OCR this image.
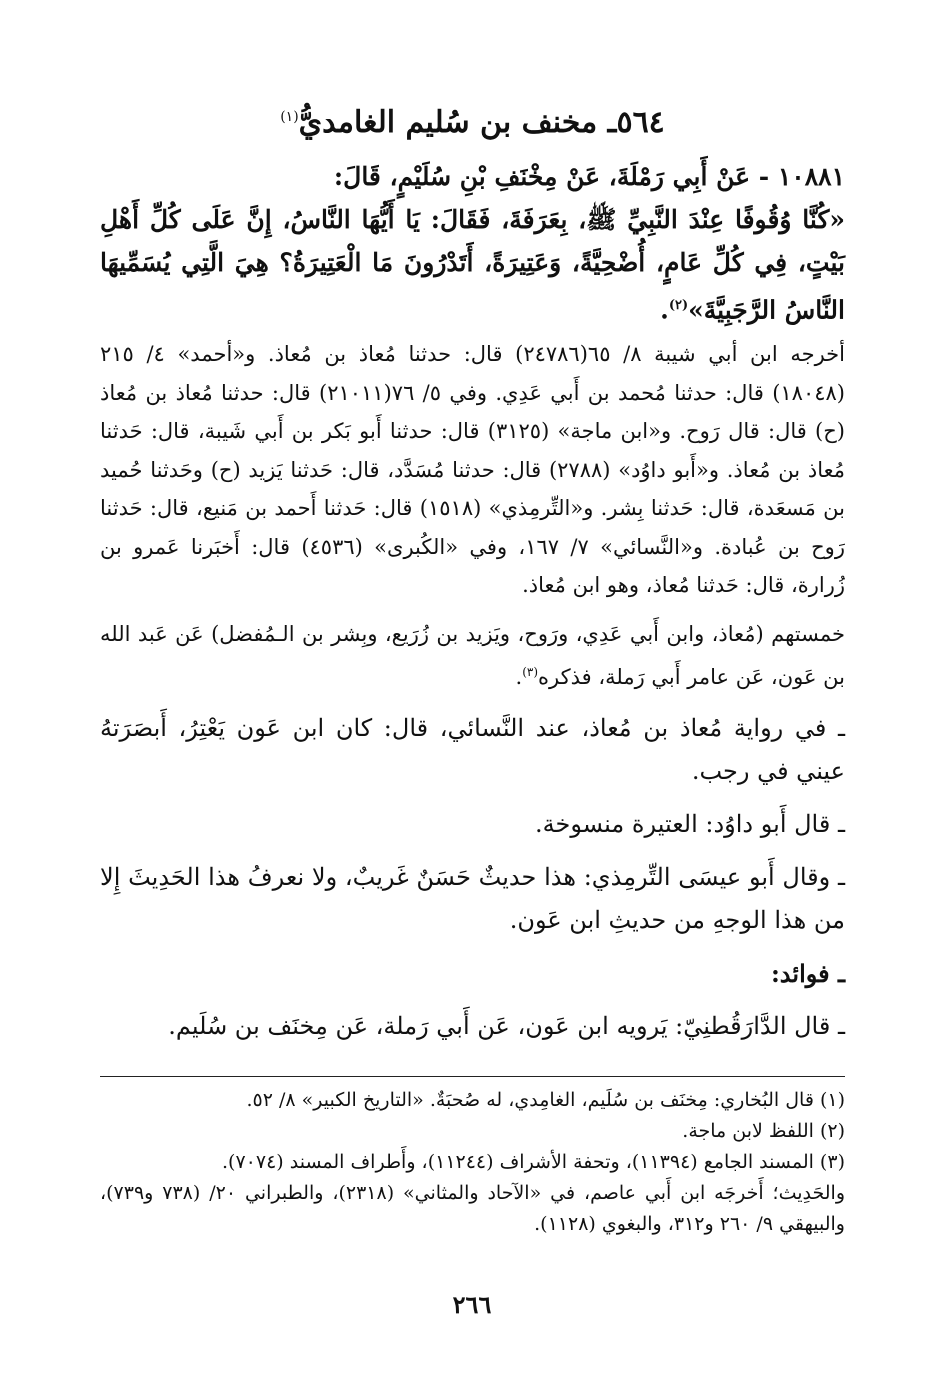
٥٦٤ـ مخنف بن سُليم الغامديُّ$^{(١)}$

١٠٨٨١ - عَنْ أَبِي رَمْلَةَ، عَنْ مِخْنَفِ بْنِ سُلَيْمٍ، قَالَ:

«كُنَّا وُقُوفًا عِنْدَ النَّبِيِّ ﷺ، بِعَرَفَةَ، فَقَالَ: يَا أَيُّهَا النَّاسُ، إِنَّ عَلَى كُلِّ أَهْلِ بَيْتٍ، فِي كُلِّ عَامٍ، أُضْحِيَّةً، وَعَتِيرَةً، أَتَدْرُونَ مَا الْعَتِيرَةُ؟ هِيَ الَّتِي يُسَمِّيهَا النَّاسُ الرَّجَبِيَّةَ»$^{(٢)}$.

أخرجه ابن أبي شيبة ٨/ ٦٥(٢٤٧٨٦) قال: حدثنا مُعاذ بن مُعاذ. و«أحمد» ٤/ ٢١٥ (١٨٠٤٨) قال: حدثنا مُحمد بن أَبي عَدِي. وفي ٥/ ٧٦(٢١٠١١) قال: حدثنا مُعاذ بن مُعاذ (ح) قال: قال رَوح. و«ابن ماجة» (٣١٢٥) قال: حدثنا أَبو بَكر بن أَبي شَيبة، قال: حَدثنا مُعاذ بن مُعاذ. و«أَبو داوُد» (٢٧٨٨) قال: حدثنا مُسَدَّد، قال: حَدثنا يَزيد (ح) وحَدثنا حُميد بن مَسعَدة، قال: حَدثنا بِشر. و«التِّرمِذي» (١٥١٨) قال: حَدثنا أَحمد بن مَنيع، قال: حَدثنا رَوح بن عُبادة. و«النَّسائي» ٧/ ١٦٧، وفي «الكُبرى» (٤٥٣٦) قال: أَخبَرنا عَمرو بن زُرارة، قال: حَدثنا مُعاذ، وهو ابن مُعاذ.

خمستهم (مُعاذ، وابن أَبي عَدِي، ورَوح، ويَزيد بن زُرَيع، وبِشر بن الـمُفضل) عَن عَبد الله بن عَون، عَن عامر أَبي رَملة، فذكره$^{(٣)}$.

ـ في رواية مُعاذ بن مُعاذ، عند النَّسائي، قال: كان ابن عَون يَعْتِرُ، أَبصَرَتهُ عيني في رجب.

ـ قال أَبو داوُد: العتيرة منسوخة.

ـ وقال أَبو عيسَى التِّرمِذي: هذا حديثٌ حَسَنٌ غَريبٌ، ولا نعرفُ هذا الحَدِيثَ إِلا من هذا الوجهِ من حديثِ ابن عَون.

ـ فوائد:

ـ قال الدَّارَقُطنِيّ: يَرويه ابن عَون، عَن أَبي رَملة، عَن مِخنَف بن سُلَيم.

(١) قال البُخاري: مِخنَف بن سُلَيم، الغامِدي، له صُحبَةٌ. «التاريخ الكبير» ٨/ ٥٢.

(٢) اللفظ لابن ماجة.

(٣) المسند الجامع (١١٣٩٤)، وتحفة الأشراف (١١٢٤٤)، وأَطراف المسند (٧٠٧٤).

والحَدِيث؛ أَخرجَه ابن أَبي عاصم، في «الآحاد والمثاني» (٢٣١٨)، والطبراني ٢٠/ (٧٣٨ و٧٣٩)، والبيهقي ٩/ ٢٦٠ و٣١٢، والبغوي (١١٢٨).

٢٦٦
